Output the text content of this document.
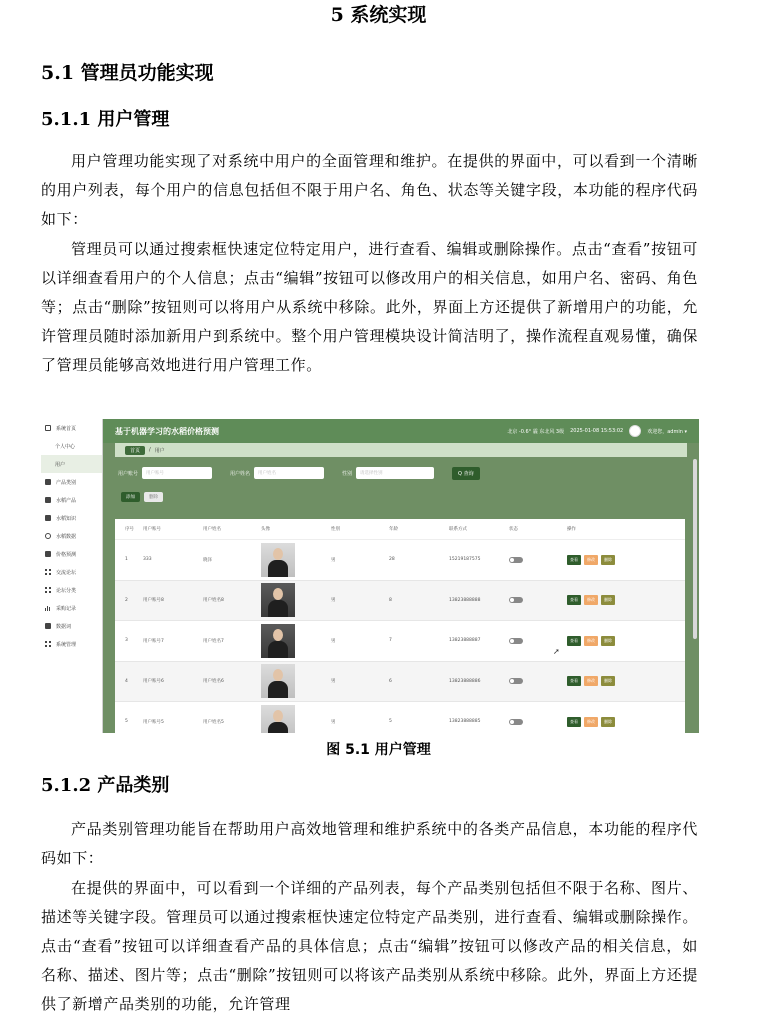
5 系统实现
5.1 管理员功能实现
5.1.1 用户管理

用户管理功能实现了对系统中用户的全面管理和维护。在提供的界面中，可以看到一个清晰的用户列表，每个用户的信息包括但不限于用户名、角色、状态等关键字段，本功能的程序代码如下：

管理员可以通过搜索框快速定位特定用户，进行查看、编辑或删除操作。点击“查看”按钮可以详细查看用户的个人信息；点击“编辑”按钮可以修改用户的相关信息，如用户名、密码、角色等；点击“删除”按钮则可以将用户从系统中移除。此外，界面上方还提供了新增用户的功能，允许管理员随时添加新用户到系统中。整个用户管理模块设计简洁明了，操作流程直观易懂，确保了管理员能够高效地进行用户管理工作。

系统首页
个人中心
用户
产品类别
水稻产品
水稻知识
水稻数据
价格预测
交流论坛
论坛分类
采购记录
数据词
系统管理
基于机器学习的水稻价格预测	北京 -0.6° 霾 东北风 3级 2025-01-08 15:53:02	欢迎您，admin ▾
首页	/ 用户
用户账号	用户账号	用户姓名	用户姓名	性别	请选择性别	Q 查询
添加	删除
序号	用户账号	用户姓名	头像	性别	年龄	联系方式	状态	操作
1	333	晓泽	男	28	15219187575	查看	修改	删除
2	用户账号8	用户姓名8	男	8	13823888888	查看	修改	删除
3	用户账号7	用户姓名7	男	7	13823888887	查看	修改	删除
4	用户账号6	用户姓名6	男	6	13823888886	查看	修改	删除
5	用户账号5	用户姓名5	男	5	13823888885	查看	修改	删除
➚
图 5.1 用户管理
5.1.2 产品类别

产品类别管理功能旨在帮助用户高效地管理和维护系统中的各类产品信息，本功能的程序代码如下：

在提供的界面中，可以看到一个详细的产品列表，每个产品类别包括但不限于名称、图片、描述等关键字段。管理员可以通过搜索框快速定位特定产品类别，进行查看、编辑或删除操作。点击“查看”按钮可以详细查看产品的具体信息；点击“编辑”按钮可以修改产品的相关信息，如名称、描述、图片等；点击“删除”按钮则可以将该产品类别从系统中移除。此外，界面上方还提供了新增产品类别的功能，允许管理
